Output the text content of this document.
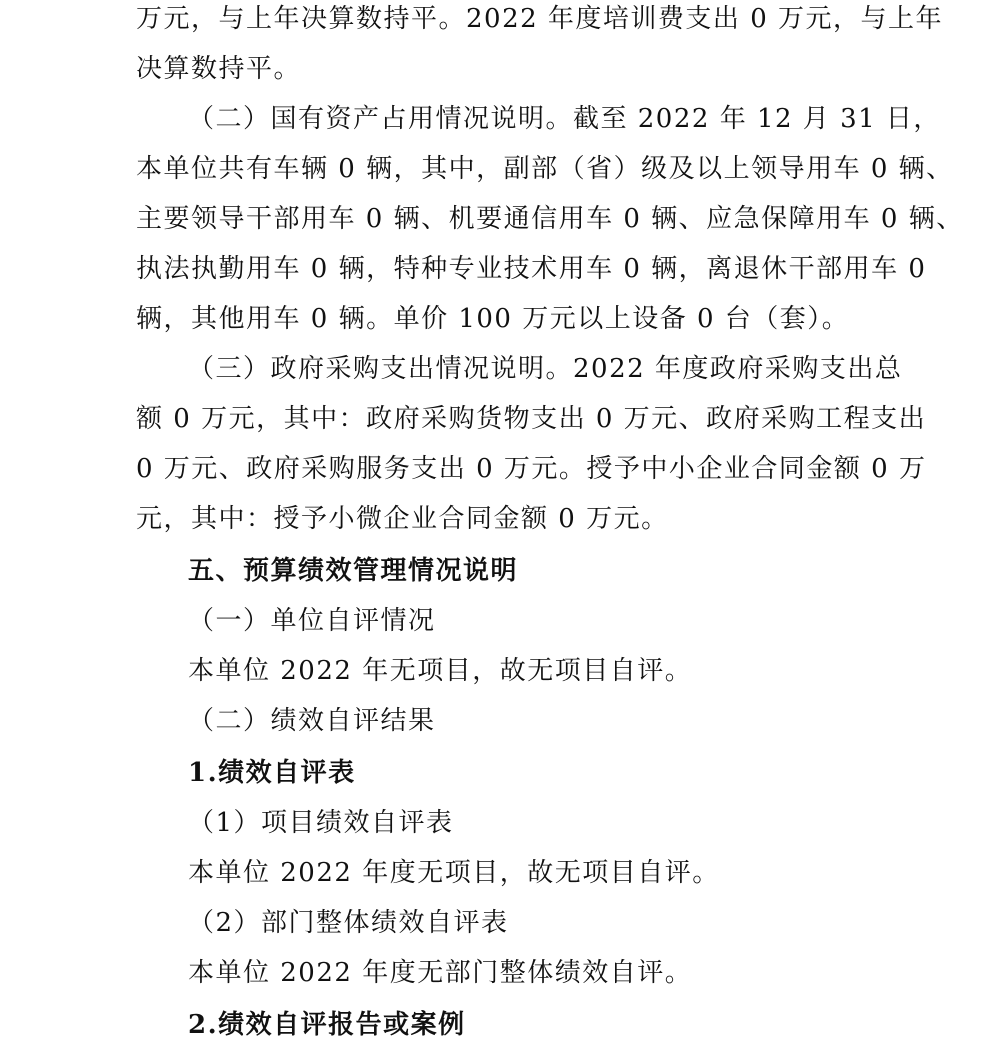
万元，与上年决算数持平。2022 年度培训费支出 0 万元，与上年
决算数持平。
（二）国有资产占用情况说明。截至 2022 年 12 月 31 日，
本单位共有车辆 0 辆，其中，副部（省）级及以上领导用车 0 辆、
主要领导干部用车 0 辆、机要通信用车 0 辆、应急保障用车 0 辆、
执法执勤用车 0 辆，特种专业技术用车 0 辆，离退休干部用车 0
辆，其他用车 0 辆。单价 100 万元以上设备 0 台（套）。
（三）政府采购支出情况说明。2022 年度政府采购支出总
额 0 万元，其中：政府采购货物支出 0 万元、政府采购工程支出
0 万元、政府采购服务支出 0 万元。授予中小企业合同金额 0 万
元，其中：授予小微企业合同金额 0 万元。
五、预算绩效管理情况说明
（一）单位自评情况
本单位 2022 年无项目，故无项目自评。
（二）绩效自评结果
1.绩效自评表
（1）项目绩效自评表
本单位 2022 年度无项目，故无项目自评。
（2）部门整体绩效自评表
本单位 2022 年度无部门整体绩效自评。
2.绩效自评报告或案例
